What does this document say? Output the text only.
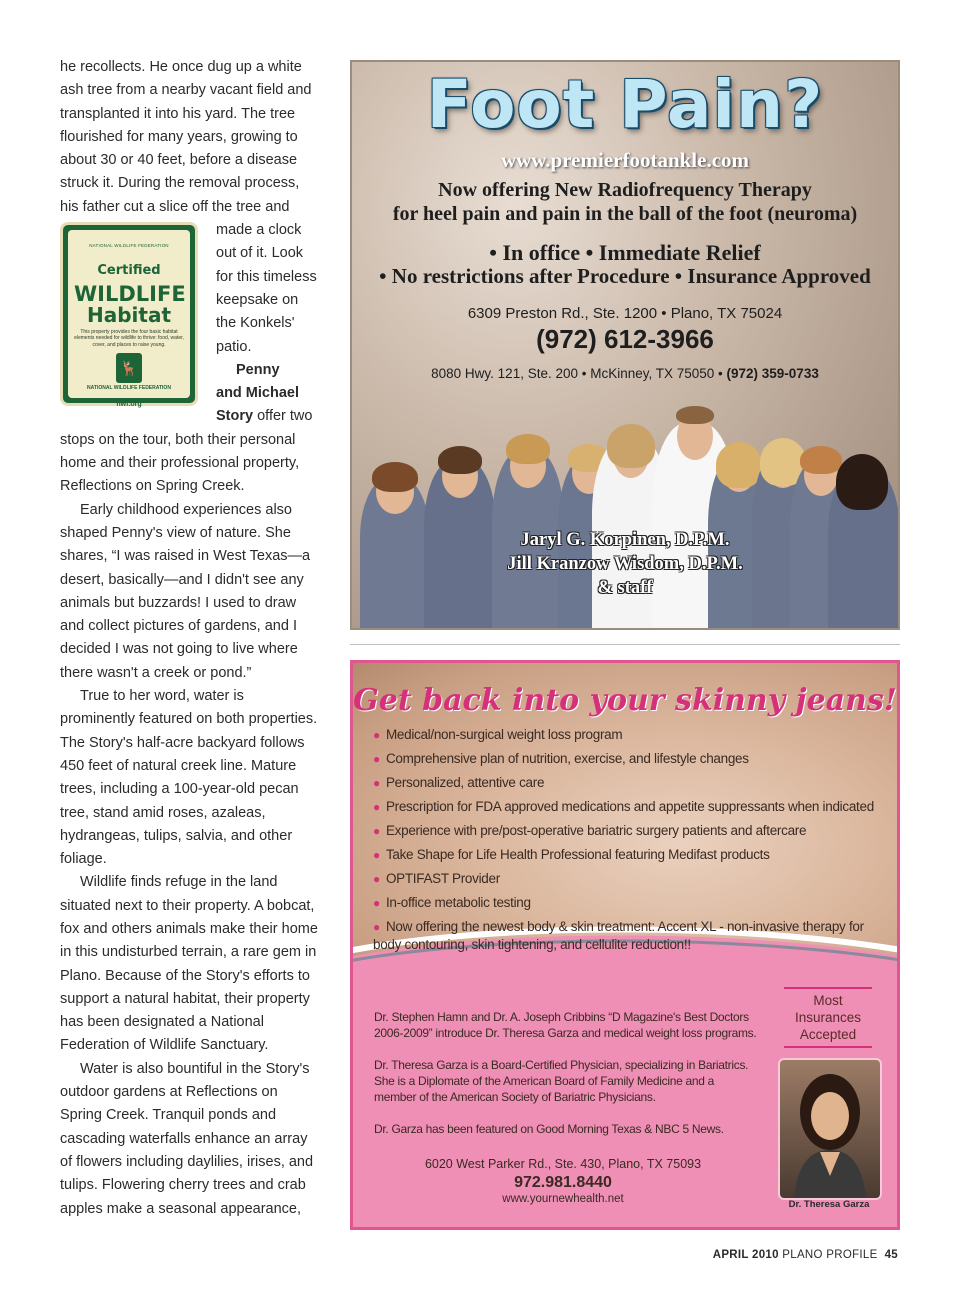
he recollects. He once dug up a white
ash tree from a nearby vacant field and
transplanted it into his yard. The tree
flourished for many years, growing to
about 30 or 40 feet, before a disease
struck it. During the removal process,
his father cut a slice off the tree and

NATIONAL WILDLIFE FEDERATION
Certified
WILDLIFE
Habitat
This property provides the four basic habitat elements needed for wildlife to thrive: food, water, cover, and places to raise young.
🦌
NATIONAL WILDLIFE FEDERATION
nwf.org
made a clock
out of it. Look
for this timeless
keepsake on
the Konkels'
patio.
Penny
and Michael
Story offer two

stops on the tour, both their personal home and their professional property, Reflections on Spring Creek.

Early childhood experiences also shaped Penny's view of nature. She shares, “I was raised in West Texas—a desert, basically—and I didn't see any animals but buzzards! I used to draw and collect pictures of gardens, and I decided I was not going to live where there wasn't a creek or pond.”

True to her word, water is prominently featured on both properties. The Story's half-acre backyard follows 450 feet of natural creek line. Mature trees, including a 100-year-old pecan tree, stand amid roses, azaleas, hydrangeas, tulips, salvia, and other foliage.

Wildlife finds refuge in the land situated next to their property. A bobcat, fox and others animals make their home in this undisturbed terrain, a rare gem in Plano. Because of the Story's efforts to support a natural habitat, their property has been designated a National Federation of Wildlife Sanctuary.

Water is also bountiful in the Story's outdoor gardens at Reflections on Spring Creek. Tranquil ponds and cascading waterfalls enhance an array of flowers including daylilies, irises, and tulips. Flowering cherry trees and crab apples make a seasonal appearance,

Foot Pain?
www.premierfootankle.com
Now offering New Radiofrequency Therapy
for heel pain and pain in the ball of the foot (neuroma)
• In office • Immediate Relief
• No restrictions after Procedure • Insurance Approved
6309 Preston Rd., Ste. 1200 • Plano, TX 75024
(972) 612-3966
8080 Hwy. 121, Ste. 200 • McKinney, TX 75050 • (972) 359-0733
Jaryl G. Korpinen, D.P.M.
Jill Kranzow Wisdom, D.P.M.
& staff
Get back into your skinny jeans!
● Medical/non-surgical weight loss program
● Comprehensive plan of nutrition, exercise, and lifestyle changes
● Personalized, attentive care
● Prescription for FDA approved medications and appetite suppressants when indicated
● Experience with pre/post-operative bariatric surgery patients and aftercare
● Take Shape for Life Health Professional featuring Medifast products
● OPTIFAST Provider
● In-office metabolic testing
● Now offering the newest body & skin treatment: Accent XL - non-invasive therapy for body contouring, skin tightening, and cellulite reduction!!
Dr. Stephen Hamn and Dr. A. Joseph Cribbins “D Magazine's Best Doctors 2006-2009” introduce Dr. Theresa Garza and medical weight loss programs.
Dr. Theresa Garza is a Board-Certified Physician, specializing in Bariatrics. She is a Diplomate of the American Board of Family Medicine and a member of the American Society of Bariatric Physicians.
Dr. Garza has been featured on Good Morning Texas & NBC 5 News.
6020 West Parker Rd., Ste. 430, Plano, TX 75093
972.981.8440
www.yournewhealth.net
Most
Insurances
Accepted
Dr. Theresa Garza
APRIL 2010 PLANO PROFILE 45
